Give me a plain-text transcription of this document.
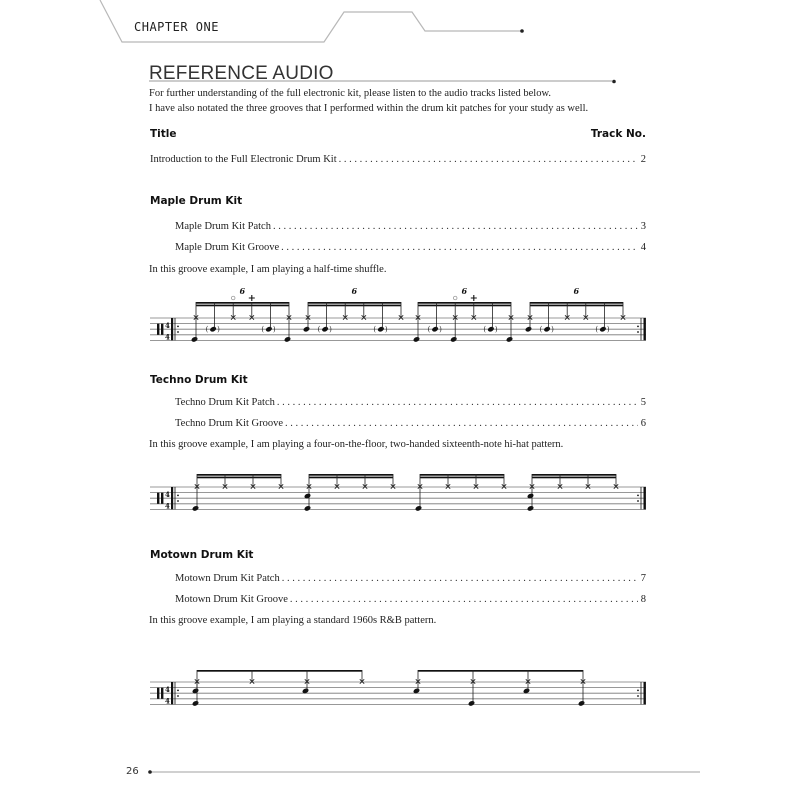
CHAPTER ONE
REFERENCE AUDIO
For further understanding of the full electronic kit, please listen to the audio tracks listed below.
I have also notated the three grooves that I performed within the drum kit patches for your study as well.
Title	Track No.
Introduction to the Full Electronic Drum Kit . . .	2
Maple Drum Kit
Maple Drum Kit Patch . . .	3
Maple Drum Kit Groove . . .	4
In this groove example, I am playing a half-time shuffle.
4
4
6
( )	( )
6
( )	( )
6
( )	( )
6
( )	( )
Techno Drum Kit
Techno Drum Kit Patch . . .	5
Techno Drum Kit Groove . . .	6
In this groove example, I am playing a four-on-the-floor, two-handed sixteenth-note hi-hat pattern.
4
4
Motown Drum Kit
Motown Drum Kit Patch . . .	7
Motown Drum Kit Groove . . .	8
In this groove example, I am playing a standard 1960s R&B pattern.
4
4
26
